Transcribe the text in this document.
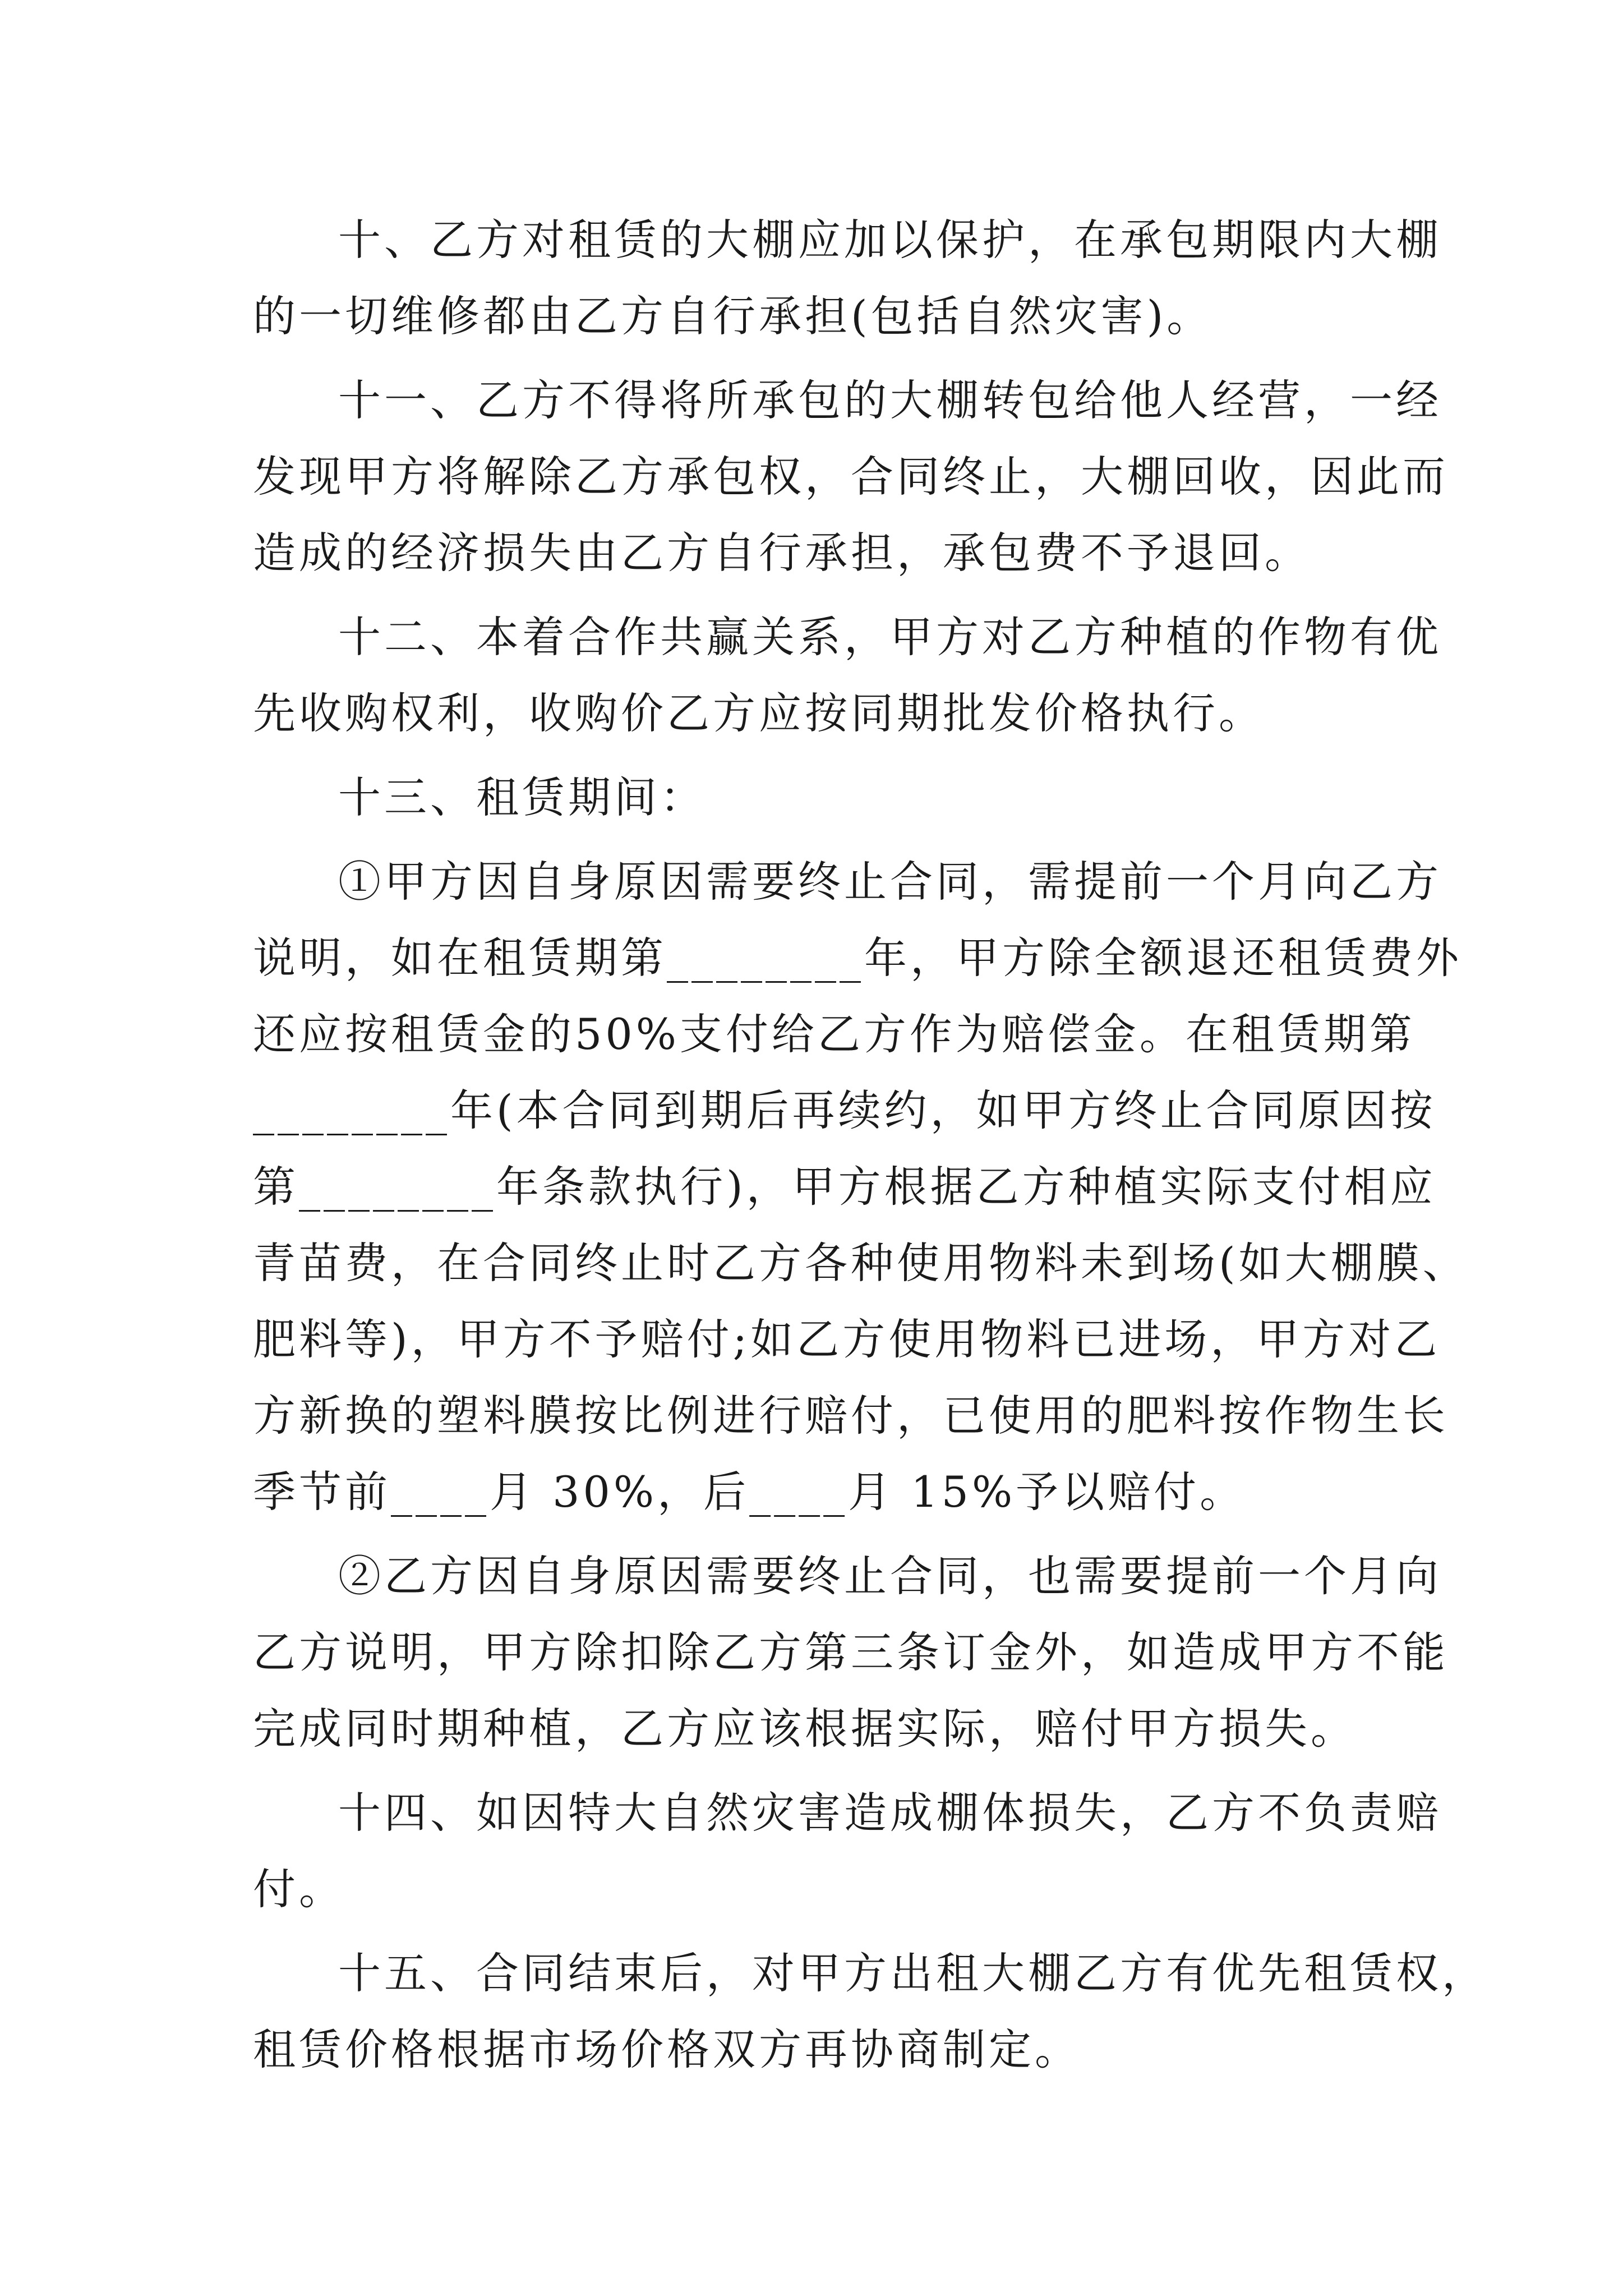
十、乙方对租赁的大棚应加以保护，在承包期限内大棚
的一切维修都由乙方自行承担(包括自然灾害)。
十一、乙方不得将所承包的大棚转包给他人经营，一经
发现甲方将解除乙方承包权，合同终止，大棚回收，因此而
造成的经济损失由乙方自行承担，承包费不予退回。
十二、本着合作共赢关系，甲方对乙方种植的作物有优
先收购权利，收购价乙方应按同期批发价格执行。
十三、租赁期间：
①甲方因自身原因需要终止合同，需提前一个月向乙方
说明，如在租赁期第________年，甲方除全额退还租赁费外
还应按租赁金的50%支付给乙方作为赔偿金。在租赁期第
________年(本合同到期后再续约，如甲方终止合同原因按
第________年条款执行)，甲方根据乙方种植实际支付相应
青苗费，在合同终止时乙方各种使用物料未到场(如大棚膜、
肥料等)，甲方不予赔付;如乙方使用物料已进场，甲方对乙
方新换的塑料膜按比例进行赔付，已使用的肥料按作物生长
季节前____月 30%，后____月 15%予以赔付。
②乙方因自身原因需要终止合同，也需要提前一个月向
乙方说明，甲方除扣除乙方第三条订金外，如造成甲方不能
完成同时期种植，乙方应该根据实际，赔付甲方损失。
十四、如因特大自然灾害造成棚体损失，乙方不负责赔
付。
十五、合同结束后，对甲方出租大棚乙方有优先租赁权，
租赁价格根据市场价格双方再协商制定。
